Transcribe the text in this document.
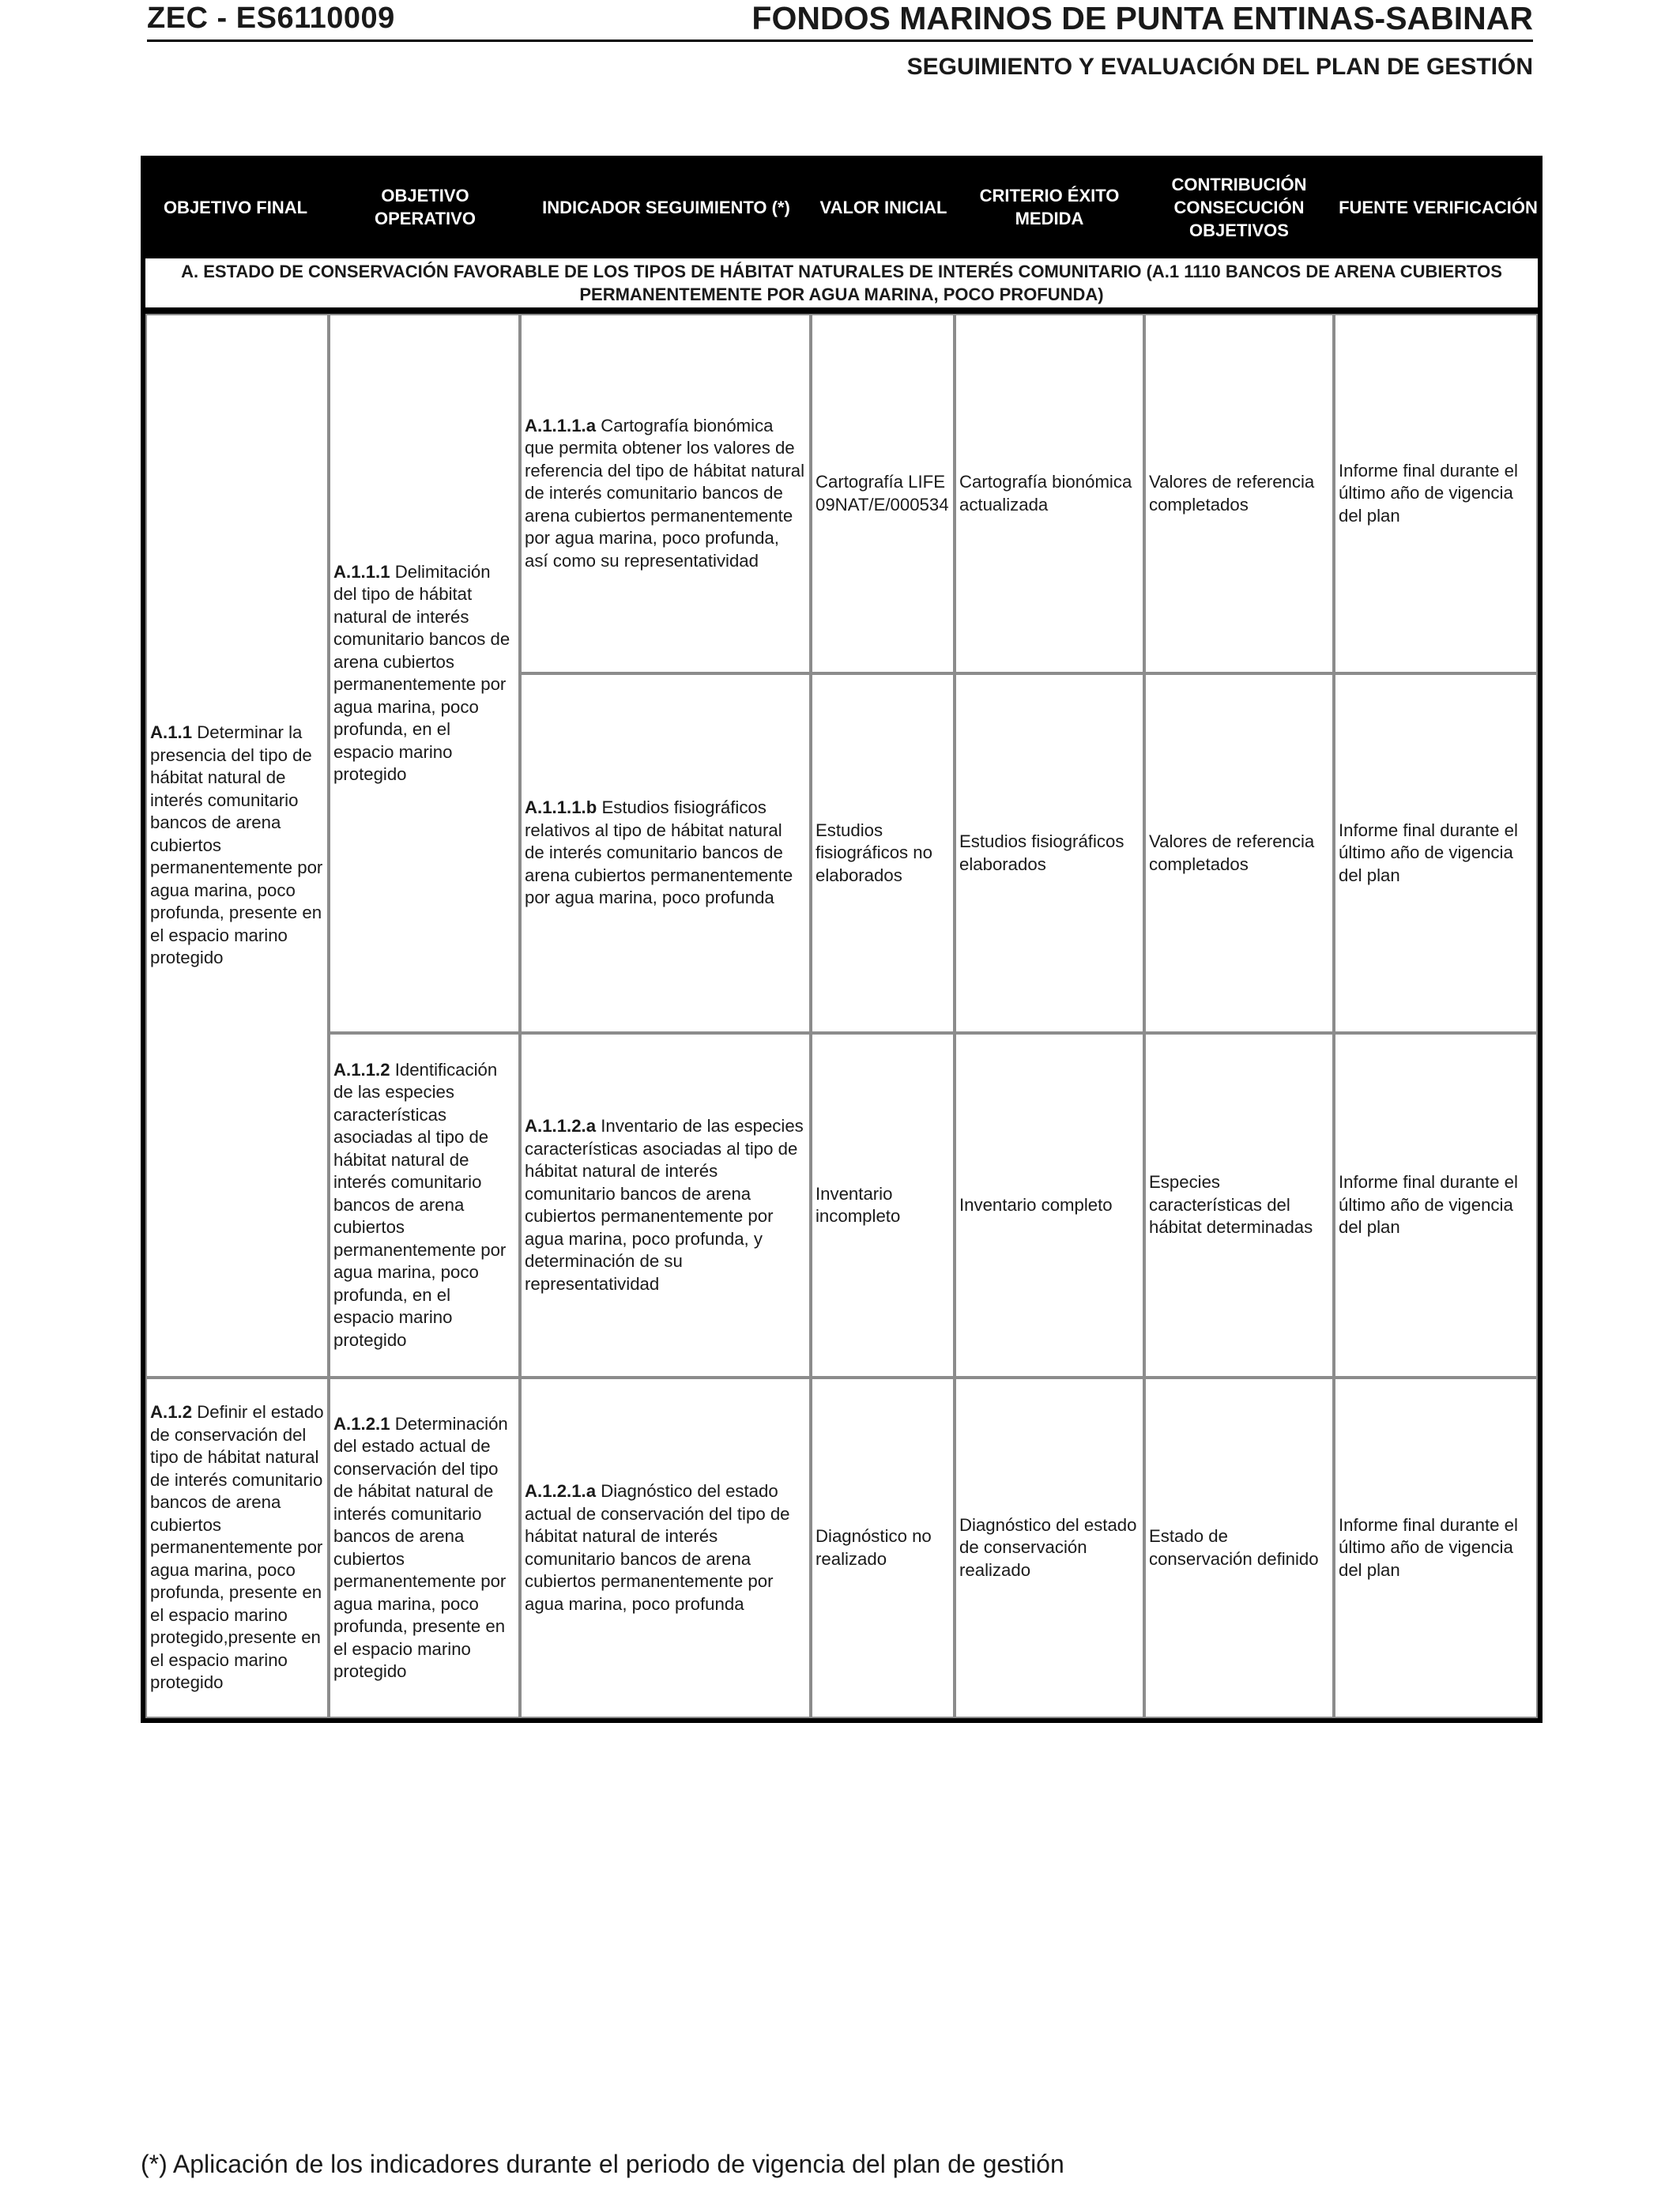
ZEC - ES6110009	FONDOS MARINOS DE PUNTA ENTINAS-SABINAR
SEGUIMIENTO Y EVALUACIÓN DEL PLAN DE GESTIÓN
OBJETIVO FINAL
OBJETIVO OPERATIVO
INDICADOR SEGUIMIENTO (*)	VALOR INICIAL
CRITERIO ÉXITO MEDIDA
CONTRIBUCIÓN CONSECUCIÓN OBJETIVOS
FUENTE VERIFICACIÓN
A. ESTADO DE CONSERVACIÓN FAVORABLE DE LOS TIPOS DE HÁBITAT NATURALES DE INTERÉS COMUNITARIO (A.1 1110 BANCOS DE ARENA CUBIERTOS PERMANENTEMENTE POR AGUA MARINA, POCO PROFUNDA)
A.1.1 Determinar la presencia del tipo de hábitat natural de interés comunitario bancos de arena cubiertos permanentemente por agua marina, poco profunda, presente en el espacio marino protegido
A.1.2 Definir el estado de conservación del tipo de hábitat natural de interés comunitario bancos de arena cubiertos permanentemente por agua marina, poco profunda, presente en el espacio marino protegido,presente en el espacio marino protegido
A.1.1.1 Delimitación del tipo de hábitat natural de interés comunitario bancos de arena cubiertos permanentemente por agua marina, poco profunda, en el espacio marino protegido
A.1.1.2 Identificación de las especies características asociadas al tipo de hábitat natural de interés comunitario bancos de arena cubiertos permanentemente por agua marina, poco profunda, en el espacio marino protegido
A.1.2.1 Determinación del estado actual de conservación del tipo de hábitat natural de interés comunitario bancos de arena cubiertos permanentemente por agua marina, poco profunda, presente en el espacio marino protegido
A.1.1.1.a Cartografía bionómica que permita obtener los valores de referencia del tipo de hábitat natural de interés comunitario bancos de arena cubiertos permanentemente por agua marina, poco profunda, así como su representatividad
Cartografía LIFE09NAT/E/000534
Cartografía bionómica actualizada
Valores de referencia completados
Informe final durante el último año de vigencia del plan
A.1.1.1.b Estudios fisiográficos relativos al tipo de hábitat natural de interés comunitario bancos de arena cubiertos permanentemente por agua marina, poco profunda
Estudios fisiográficos no elaborados
Estudios fisiográficos elaborados
Valores de referencia completados
Informe final durante el último año de vigencia del plan
A.1.1.2.a Inventario de las especies características asociadas al tipo de hábitat natural de interés comunitario bancos de arena cubiertos permanentemente por agua marina, poco profunda, y determinación de su representatividad
Inventario incompleto
Inventario completo
Especies características del hábitat determinadas
Informe final durante el último año de vigencia del plan
A.1.2.1.a Diagnóstico del estado actual de conservación del tipo de hábitat natural de interés comunitario bancos de arena cubiertos permanentemente por agua marina, poco profunda
Diagnóstico no realizado
Diagnóstico del estado de conservación realizado
Estado de conservación definido
Informe final durante el último año de vigencia del plan
(*) Aplicación de los indicadores durante el periodo de vigencia del plan de gestión
